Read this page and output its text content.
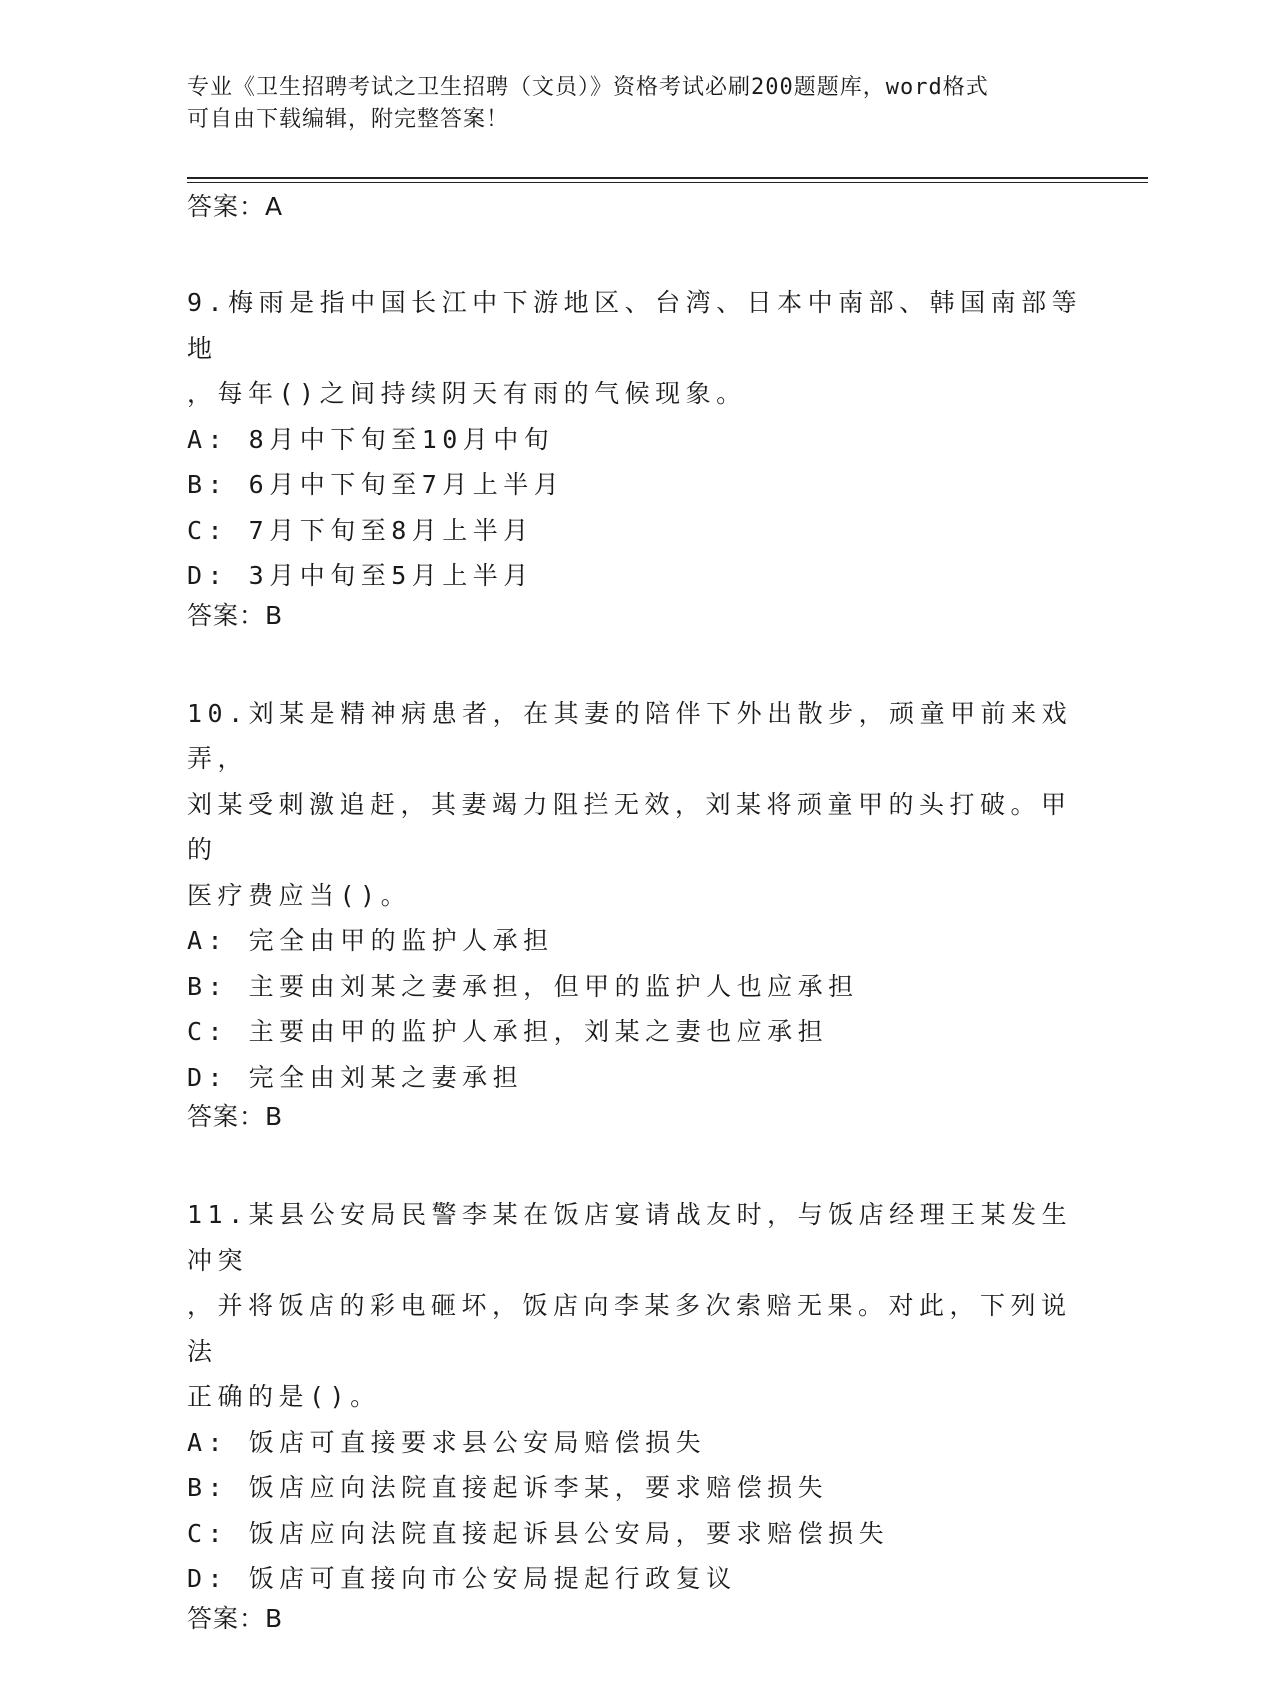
专业《卫生招聘考试之卫生招聘（文员）》资格考试必刷200题题库，word格式
可自由下载编辑，附完整答案！
答案：A
9.梅雨是指中国长江中下游地区、台湾、日本中南部、韩国南部等地
，每年()之间持续阴天有雨的气候现象。
A: 8月中下旬至10月中旬
B: 6月中下旬至7月上半月
C: 7月下旬至8月上半月
D: 3月中旬至5月上半月
答案：B
10.刘某是精神病患者，在其妻的陪伴下外出散步，顽童甲前来戏弄，
刘某受刺激追赶，其妻竭力阻拦无效，刘某将顽童甲的头打破。甲的
医疗费应当()。
A: 完全由甲的监护人承担
B: 主要由刘某之妻承担，但甲的监护人也应承担
C: 主要由甲的监护人承担，刘某之妻也应承担
D: 完全由刘某之妻承担
答案：B
11.某县公安局民警李某在饭店宴请战友时，与饭店经理王某发生冲突
，并将饭店的彩电砸坏，饭店向李某多次索赔无果。对此，下列说法
正确的是()。
A: 饭店可直接要求县公安局赔偿损失
B: 饭店应向法院直接起诉李某，要求赔偿损失
C: 饭店应向法院直接起诉县公安局，要求赔偿损失
D: 饭店可直接向市公安局提起行政复议
答案：B
